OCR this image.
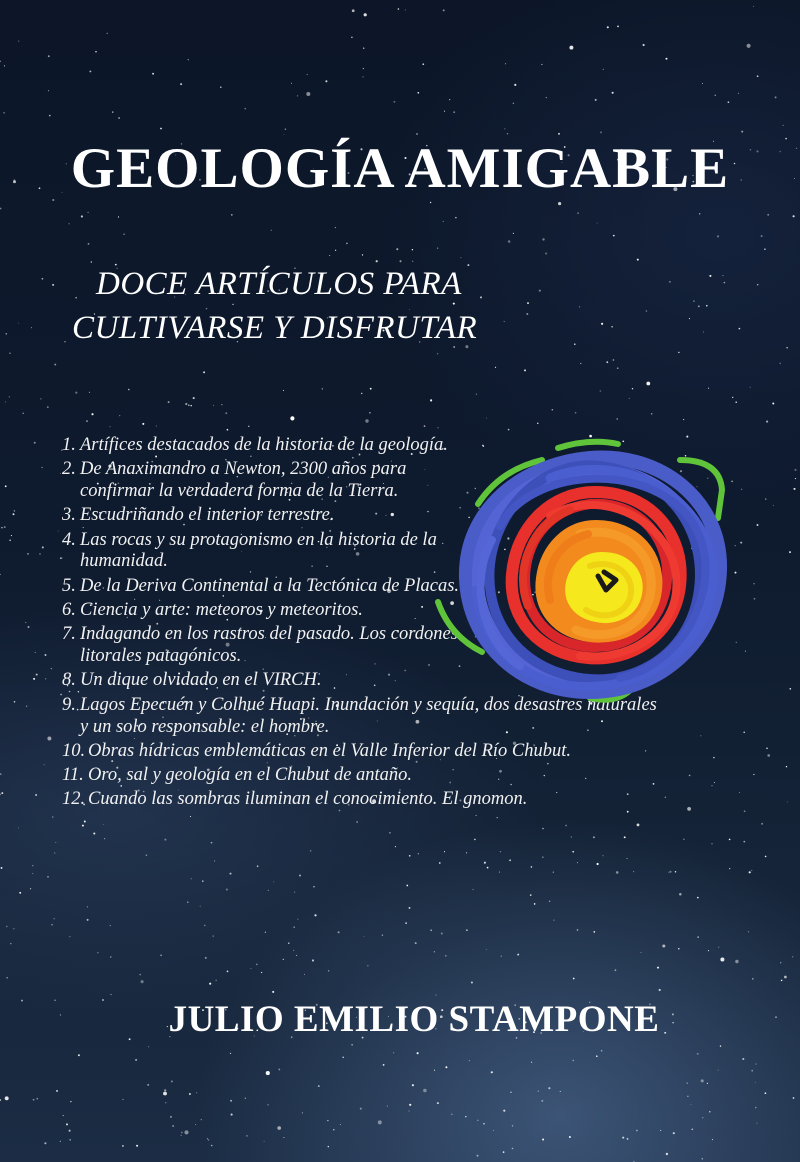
GEOLOGÍA AMIGABLE
DOCE ARTÍCULOS PARA
CULTIVARSE Y DISFRUTAR
1. Artífices destacados de la historia de la geología.
2. De Anaximandro a Newton, 2300 años para confirmar la verdadera forma de la Tierra.
3. Escudriñando el interior terrestre.
4. Las rocas y su protagonismo en la historia de la humanidad.
5. De la Deriva Continental a la Tectónica de Placas.
6. Ciencia y arte: meteoros y meteoritos.
7. Indagando en los rastros del pasado. Los cordones litorales patagónicos.
8. Un dique olvidado en el VIRCH.
9. Lagos Epecuén y Colhué Huapi. Inundación y sequía, dos desastres naturales y un solo responsable: el hombre.
10. Obras hídricas emblemáticas en el Valle Inferior del Río Chubut.
11. Oro, sal y geología en el Chubut de antaño.
12. Cuando las sombras iluminan el conocimiento. El gnomon.
JULIO EMILIO STAMPONE
